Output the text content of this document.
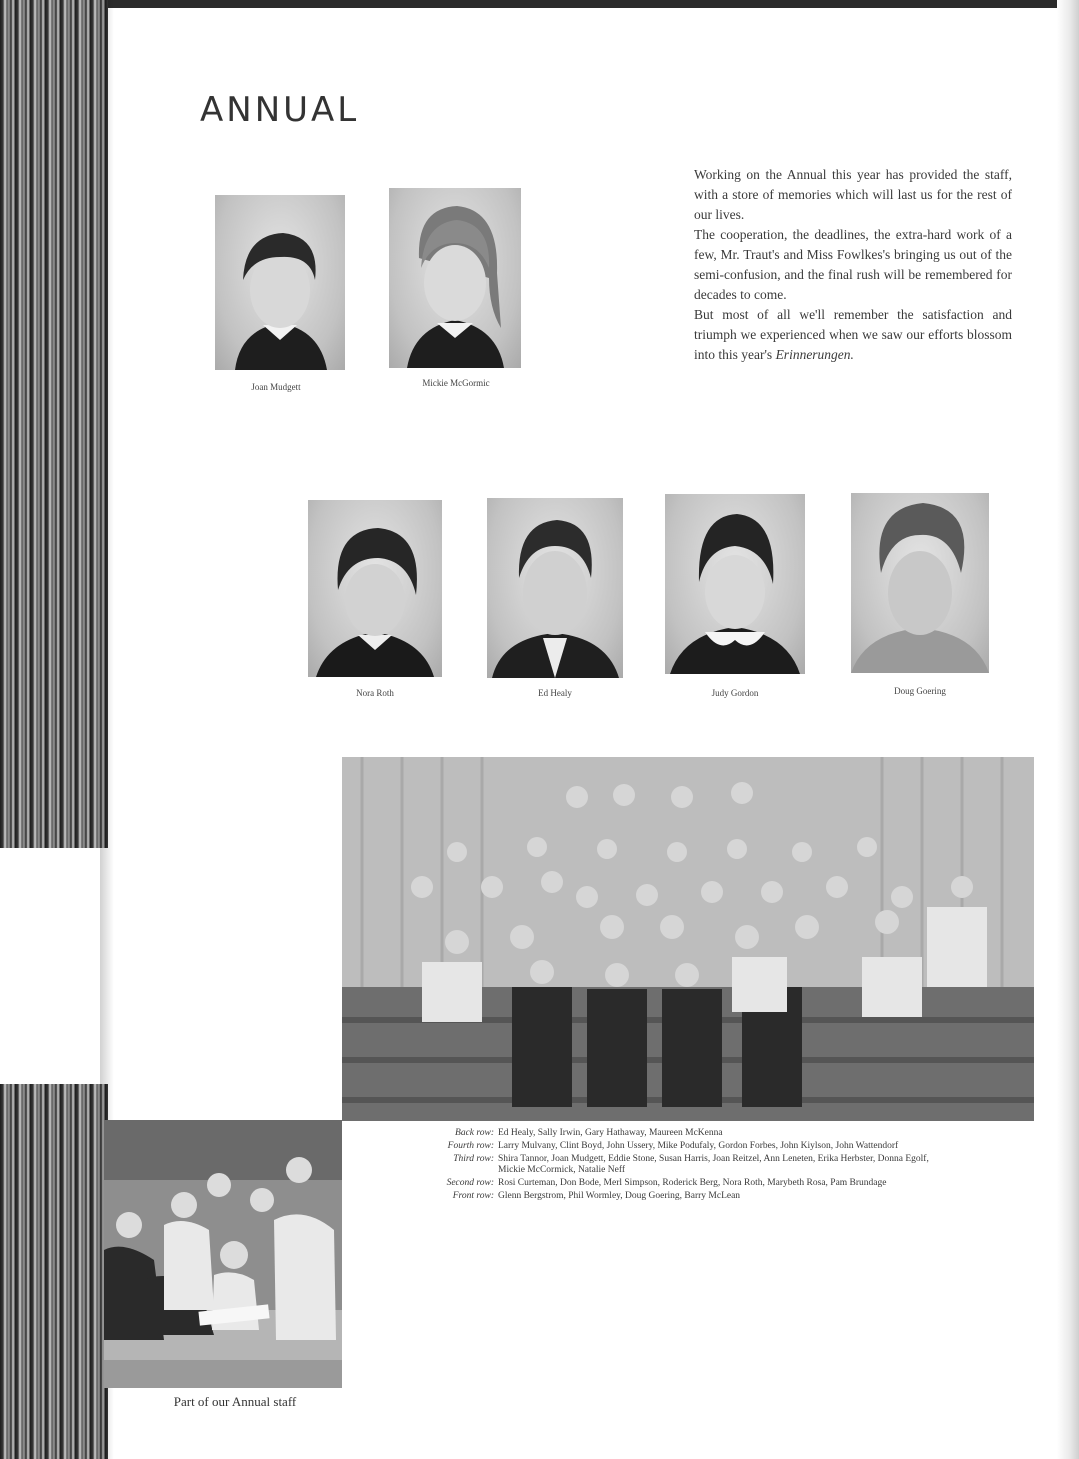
ANNUAL

Working on the Annual this year has provided the staff, with a store of memories which will last us for the rest of our lives.

The cooperation, the deadlines, the extra-hard work of a few, Mr. Traut's and Miss Fowlkes's bringing us out of the semi-confusion, and the final rush will be remembered for decades to come.

But most of all we'll remember the satisfaction and triumph we experienced when we saw our efforts blossom into this year's Erinnerungen.

Joan Mudgett	Mickie McGormic
Nora Roth	Ed Healy	Judy Gordon	Doug Goering
Back row: Ed Healy, Sally Irwin, Gary Hathaway, Maureen McKenna
Fourth row: Larry Mulvany, Clint Boyd, John Ussery, Mike Podufaly, Gordon Forbes, John Kiylson, John Wattendorf
Third row: Shira Tannor, Joan Mudgett, Eddie Stone, Susan Harris, Joan Reitzel, Ann Leneten, Erika Herbster, Donna Egolf, Mickie McCormick, Natalie Neff
Second row: Rosi Curteman, Don Bode, Merl Simpson, Roderick Berg, Nora Roth, Marybeth Rosa, Pam Brundage
Front row: Glenn Bergstrom, Phil Wormley, Doug Goering, Barry McLean
Part of our Annual staff
